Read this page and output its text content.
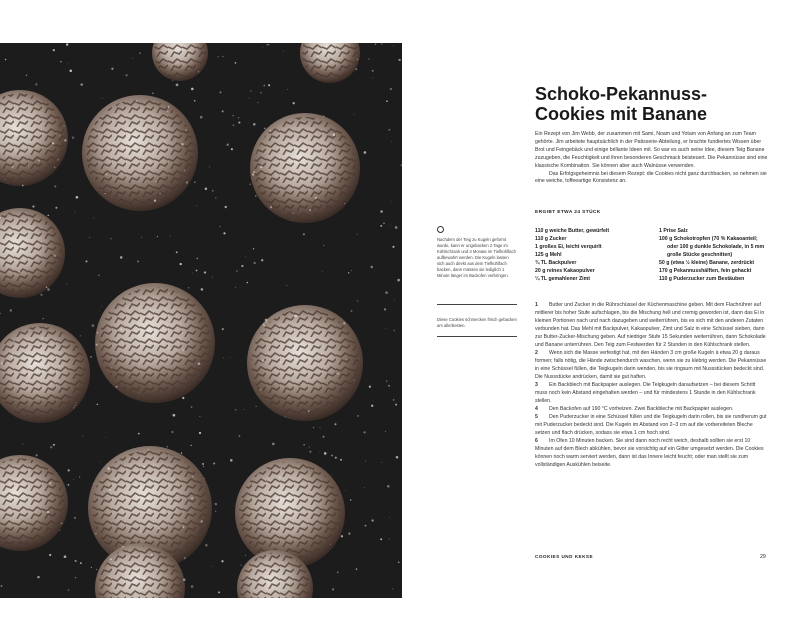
Nachdem der Teig zu Kugeln geformt wurde, kann er ungebacken 2 Tage im Kühlschrank und 3 Monate im Tiefkühlfach aufbewahrt werden. Die Kugeln lassen sich auch direkt aus dem Tiefkühlfach backen, dann müssen sie lediglich 1 Minute länger im Backofen verbringen.
Diese Cookies schmecken frisch gebacken am allerbesten.
Schoko-Pekannuss-Cookies mit Banane

Ein Rezept von Jim Webb, der zusammen mit Sami, Noam und Yotam von Anfang an zum Team gehörte. Jim arbeitete hauptsächlich in der Patisserie-Abteilung, er brachte fundiertes Wissen über Brot und Feingebäck und einige brillante Ideen mit. So war es auch seine Idee, diesem Teig Banane zuzugeben, die Feuchtigkeit und ihren besonderen Geschmack beisteuert. Die Pekannüsse sind eine klassische Kombination. Sie können aber auch Walnüsse verwenden.

Das Erfolgsgeheimnis bei diesem Rezept: die Cookies nicht ganz durchbacken, so nehmen sie eine weiche, toffeeartige Konsistenz an.

ERGIBT ETWA 24 STÜCK
110 g weiche Butter, gewürfelt
110 g Zucker
1 großes Ei, leicht verquirlt
125 g Mehl
¾ TL Backpulver
20 g reines Kakaopulver
¼ TL gemahlener Zimt
1 Prise Salz
100 g Schokotropfen (70 % Kakaoanteil;
oder 100 g dunkle Schokolade, in 5 mm
große Stücke geschnitten)
50 g (etwa ½ kleine) Banane, zerdrückt
170 g Pekannusshälften, fein gehackt
110 g Puderzucker zum Bestäuben

1 Butter und Zucker in die Rührschüssel der Küchenmaschine geben. Mit dem Flachrührer auf mittlerer bis hoher Stufe aufschlagen, bis die Mischung hell und cremig geworden ist, dann das Ei in kleinen Portionen nach und nach dazugeben und weiterrühren, bis es sich mit den anderen Zutaten verbunden hat. Das Mehl mit Backpulver, Kakaopulver, Zimt und Salz in eine Schüssel sieben, dann zur Butter-Zucker-Mischung geben. Auf niedriger Stufe 15 Sekunden weiterrühren, dann Schokolade und Banane unterrühren. Den Teig zum Festwerden für 2 Stunden in den Kühlschrank stellen.

2 Wenn sich die Masse verfestigt hat, mit den Händen 3 cm große Kugeln à etwa 20 g daraus formen; falls nötig, die Hände zwischendurch waschen, wenn sie zu klebrig werden. Die Pekannüsse in eine Schüssel füllen, die Teigkugeln darin wenden, bis sie ringsum mit Nussstücken bedeckt sind. Die Nussstücke andrücken, damit sie gut haften.

3 Ein Backblech mit Backpapier auslegen. Die Teigkugeln daraufsetzen – bei diesem Schritt muss noch kein Abstand eingehalten werden – und für mindestens 1 Stunde in den Kühlschrank stellen.

4 Den Backofen auf 190 °C vorheizen. Zwei Backbleche mit Backpapier auslegen.

5 Den Puderzucker in eine Schüssel füllen und die Teigkugeln darin rollen, bis sie rundherum gut mit Puderzucker bedeckt sind. Die Kugeln im Abstand von 2–3 cm auf die vorbereiteten Bleche setzen und flach drücken, sodass sie etwa 1 cm hoch sind.

6 Im Ofen 10 Minuten backen. Sie sind dann noch recht weich, deshalb sollten sie erst 10 Minuten auf dem Blech abkühlen, bevor sie vorsichtig auf ein Gitter umgesetzt werden. Die Cookies können noch warm serviert werden, dann ist das Innere leicht feucht; oder man stellt sie zum vollständigen Auskühlen beiseite.

COOKIES UND KEKSE	29
